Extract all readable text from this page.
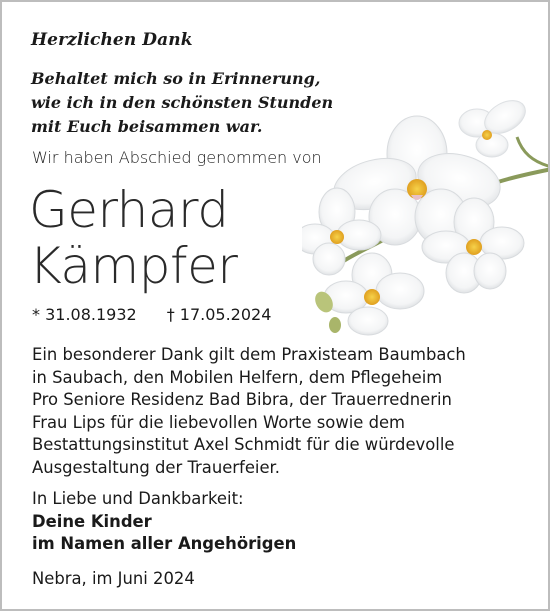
Herzlichen Dank
Behaltet mich so in Erinnerung,
wie ich in den schönsten Stunden
mit Euch beisammen war.
Wir haben Abschied genommen von
Gerhard
Kämpfer
* 31.08.1932 † 17.05.2024
Ein besonderer Dank gilt dem Praxisteam Baumbach
in Saubach, den Mobilen Helfern, dem Pflegeheim
Pro Seniore Residenz Bad Bibra, der Trauerrednerin
Frau Lips für die liebevollen Worte sowie dem
Bestattungsinstitut Axel Schmidt für die würdevolle
Ausgestaltung der Trauerfeier.
In Liebe und Dankbarkeit:
Deine Kinder
im Namen aller Angehörigen
Nebra, im Juni 2024
